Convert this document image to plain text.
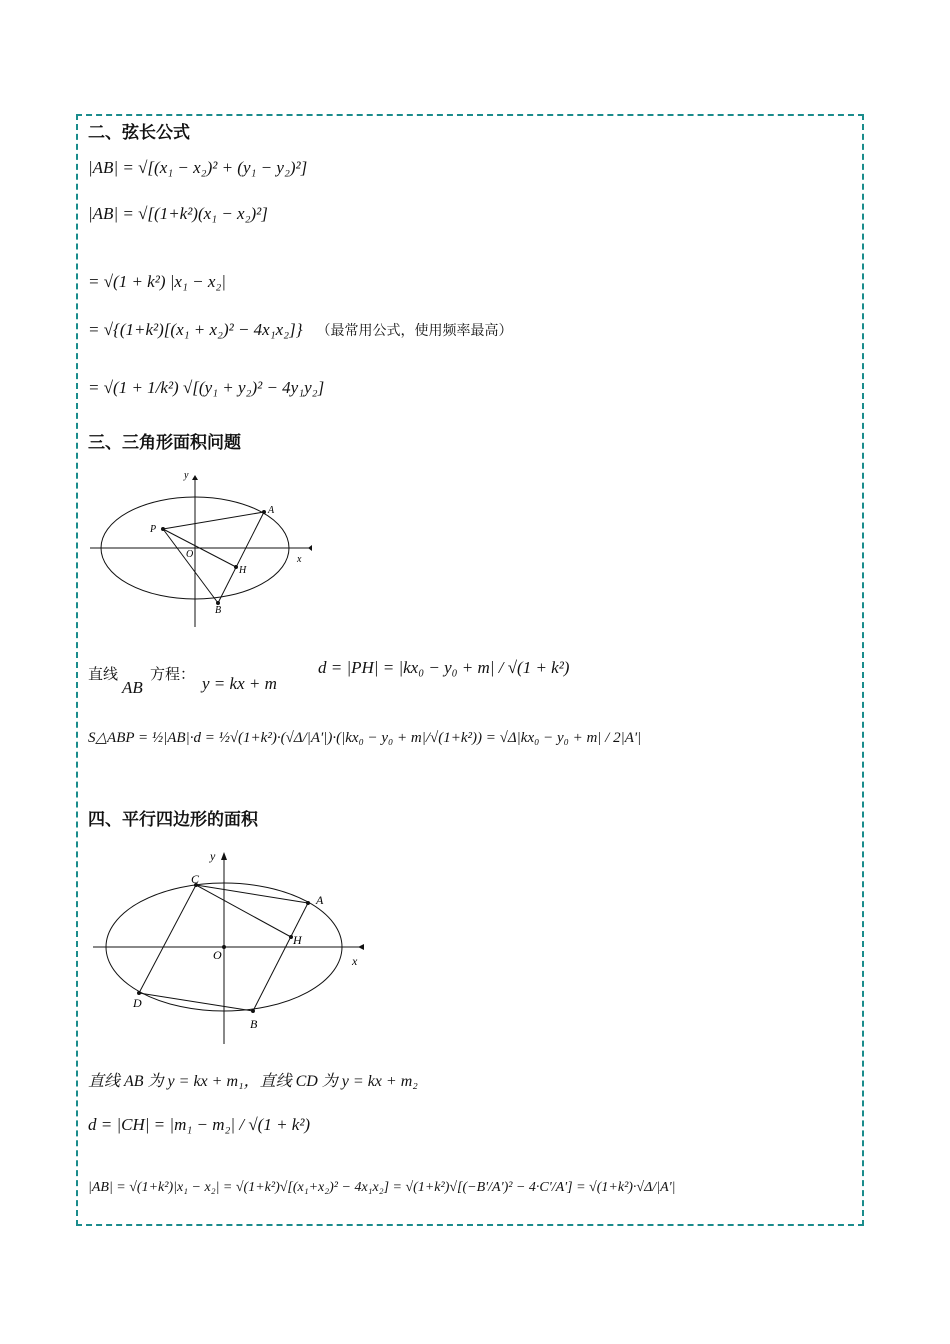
二、弦长公式
|AB| = √[(x₁ − x₂)² + (y₁ − y₂)²]
|AB| = √[(1+k²)(x₁ − x₂)²]
= √(1 + k²) |x₁ − x₂|
= √{(1+k²)[(x₁ + x₂)² − 4x₁x₂]} （最常用公式，使用频率最高）
= √(1 + 1/k²) √[(y₁ + y₂)² − 4y₁y₂]
三、三角形面积问题
y
x
P
A
O
H
B
直线
AB
方程： y = kx + m
d = |PH| = |kx₀ − y₀ + m| / √(1 + k²)
S△ABP = ½|AB|·d = ½√(1+k²)·(√Δ/|A'|)·(|kx₀ − y₀ + m|/√(1+k²)) = √Δ|kx₀ − y₀ + m| / 2|A'|
四、平行四边形的面积
y
x
C
A
H
O
D
B
直线 AB 为 y = kx + m₁，直线 CD 为 y = kx + m₂
d = |CH| = |m₁ − m₂| / √(1 + k²)
|AB| = √(1+k²)|x₁ − x₂| = √(1+k²)√[(x₁+x₂)² − 4x₁x₂] = √(1+k²)√[(−B'/A')² − 4·C'/A'] = √(1+k²)·√Δ/|A'|
